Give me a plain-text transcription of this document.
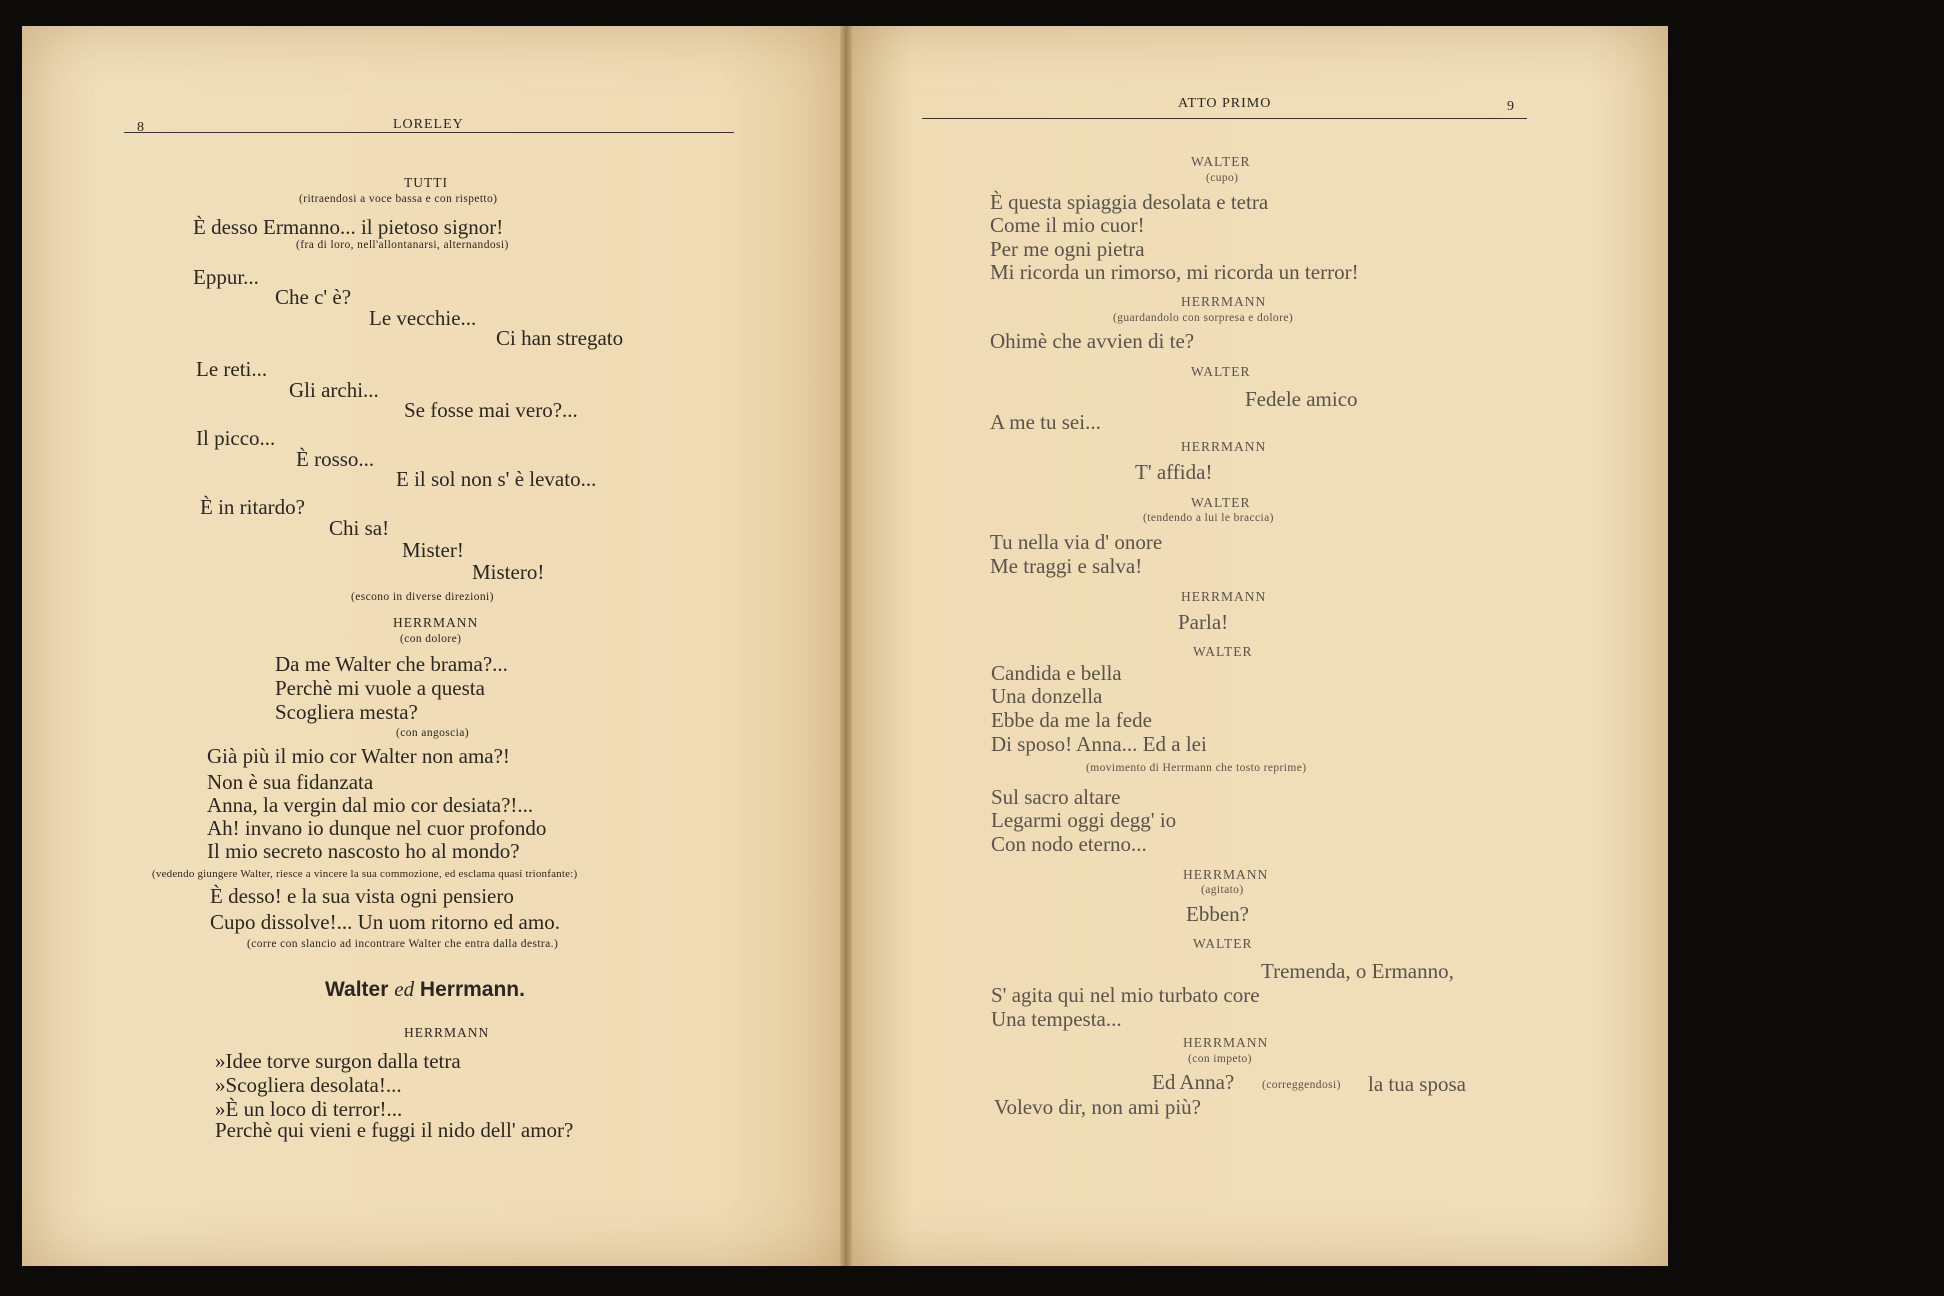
8	LORELEY
TUTTI
(ritraendosi a voce bassa e con rispetto)
È desso Ermanno... il pietoso signor!
(fra di loro, nell'allontanarsi, alternandosi)
Eppur...
Che c' è?
Le vecchie...
Ci han stregato
Le reti...
Gli archi...
Se fosse mai vero?...
Il picco...
È rosso...
E il sol non s' è levato...
È in ritardo?
Chi sa!
Mister!
Mistero!
(escono in diverse direzioni)
HERRMANN
(con dolore)
Da me Walter che brama?...
Perchè mi vuole a questa
Scogliera mesta?
(con angoscia)
Già più il mio cor Walter non ama?!
Non è sua fidanzata
Anna, la vergin dal mio cor desiata?!...
Ah! invano io dunque nel cuor profondo
Il mio secreto nascosto ho al mondo?
(vedendo giungere Walter, riesce a vincere la sua commozione, ed esclama quasi trionfante:)
È desso! e la sua vista ogni pensiero
Cupo dissolve!... Un uom ritorno ed amo.
(corre con slancio ad incontrare Walter che entra dalla destra.)
Walter ed Herrmann.
HERRMANN
»Idee torve surgon dalla tetra
»Scogliera desolata!...
»È un loco di terror!...
Perchè qui vieni e fuggi il nido dell' amor?
ATTO PRIMO	9
WALTER
(cupo)
È questa spiaggia desolata e tetra
Come il mio cuor!
Per me ogni pietra
Mi ricorda un rimorso, mi ricorda un terror!
HERRMANN
(guardandolo con sorpresa e dolore)
Ohimè che avvien di te?
WALTER
Fedele amico
A me tu sei...
HERRMANN
T' affida!
WALTER
(tendendo a lui le braccia)
Tu nella via d' onore
Me traggi e salva!
HERRMANN
Parla!
WALTER
Candida e bella
Una donzella
Ebbe da me la fede
Di sposo! Anna... Ed a lei
(movimento di Herrmann che tosto reprime)
Sul sacro altare
Legarmi oggi degg' io
Con nodo eterno...
HERRMANN
(agitato)
Ebben?
WALTER
Tremenda, o Ermanno,
S' agita qui nel mio turbato core
Una tempesta...
HERRMANN
(con impeto)
Ed Anna? (correggendosi) la tua sposa
Volevo dir, non ami più?
